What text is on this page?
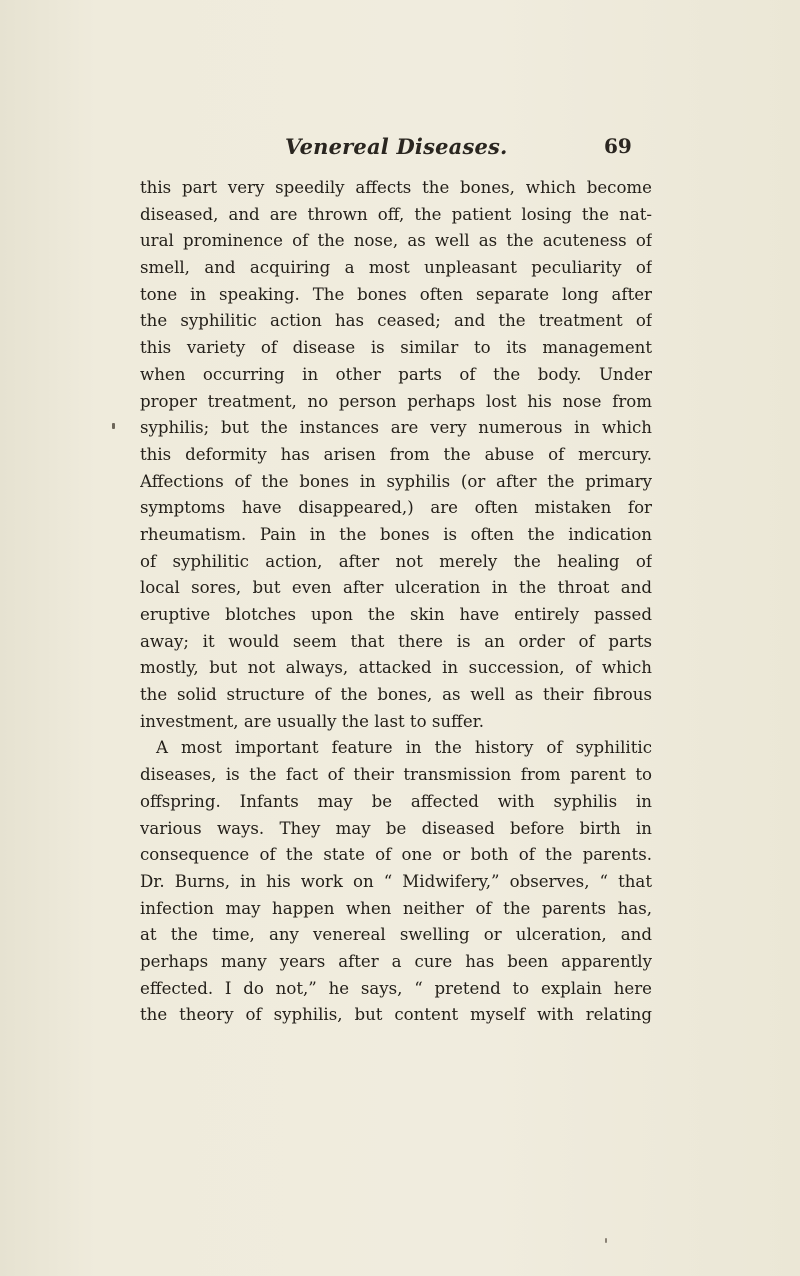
Venereal Diseases.	69
this part very speedily affects the bones, which become
diseased, and are thrown off, the patient losing the nat-
ural prominence of the nose, as well as the acuteness of
smell, and acquiring a most unpleasant peculiarity of
tone in speaking. The bones often separate long after
the syphilitic action has ceased; and the treatment of
this variety of disease is similar to its management
when occurring in other parts of the body. Under
proper treatment, no person perhaps lost his nose from
syphilis; but the instances are very numerous in which
this deformity has arisen from the abuse of mercury.
Affections of the bones in syphilis (or after the primary
symptoms have disappeared,) are often mistaken for
rheumatism. Pain in the bones is often the indication
of syphilitic action, after not merely the healing of
local sores, but even after ulceration in the throat and
eruptive blotches upon the skin have entirely passed
away; it would seem that there is an order of parts
mostly, but not always, attacked in succession, of which
the solid structure of the bones, as well as their fibrous
investment, are usually the last to suffer.
A most important feature in the history of syphilitic
diseases, is the fact of their transmission from parent to
offspring. Infants may be affected with syphilis in
various ways. They may be diseased before birth in
consequence of the state of one or both of the parents.
Dr. Burns, in his work on “ Midwifery,” observes, “ that
infection may happen when neither of the parents has,
at the time, any venereal swelling or ulceration, and
perhaps many years after a cure has been apparently
effected. I do not,” he says, “ pretend to explain here
the theory of syphilis, but content myself with relating
